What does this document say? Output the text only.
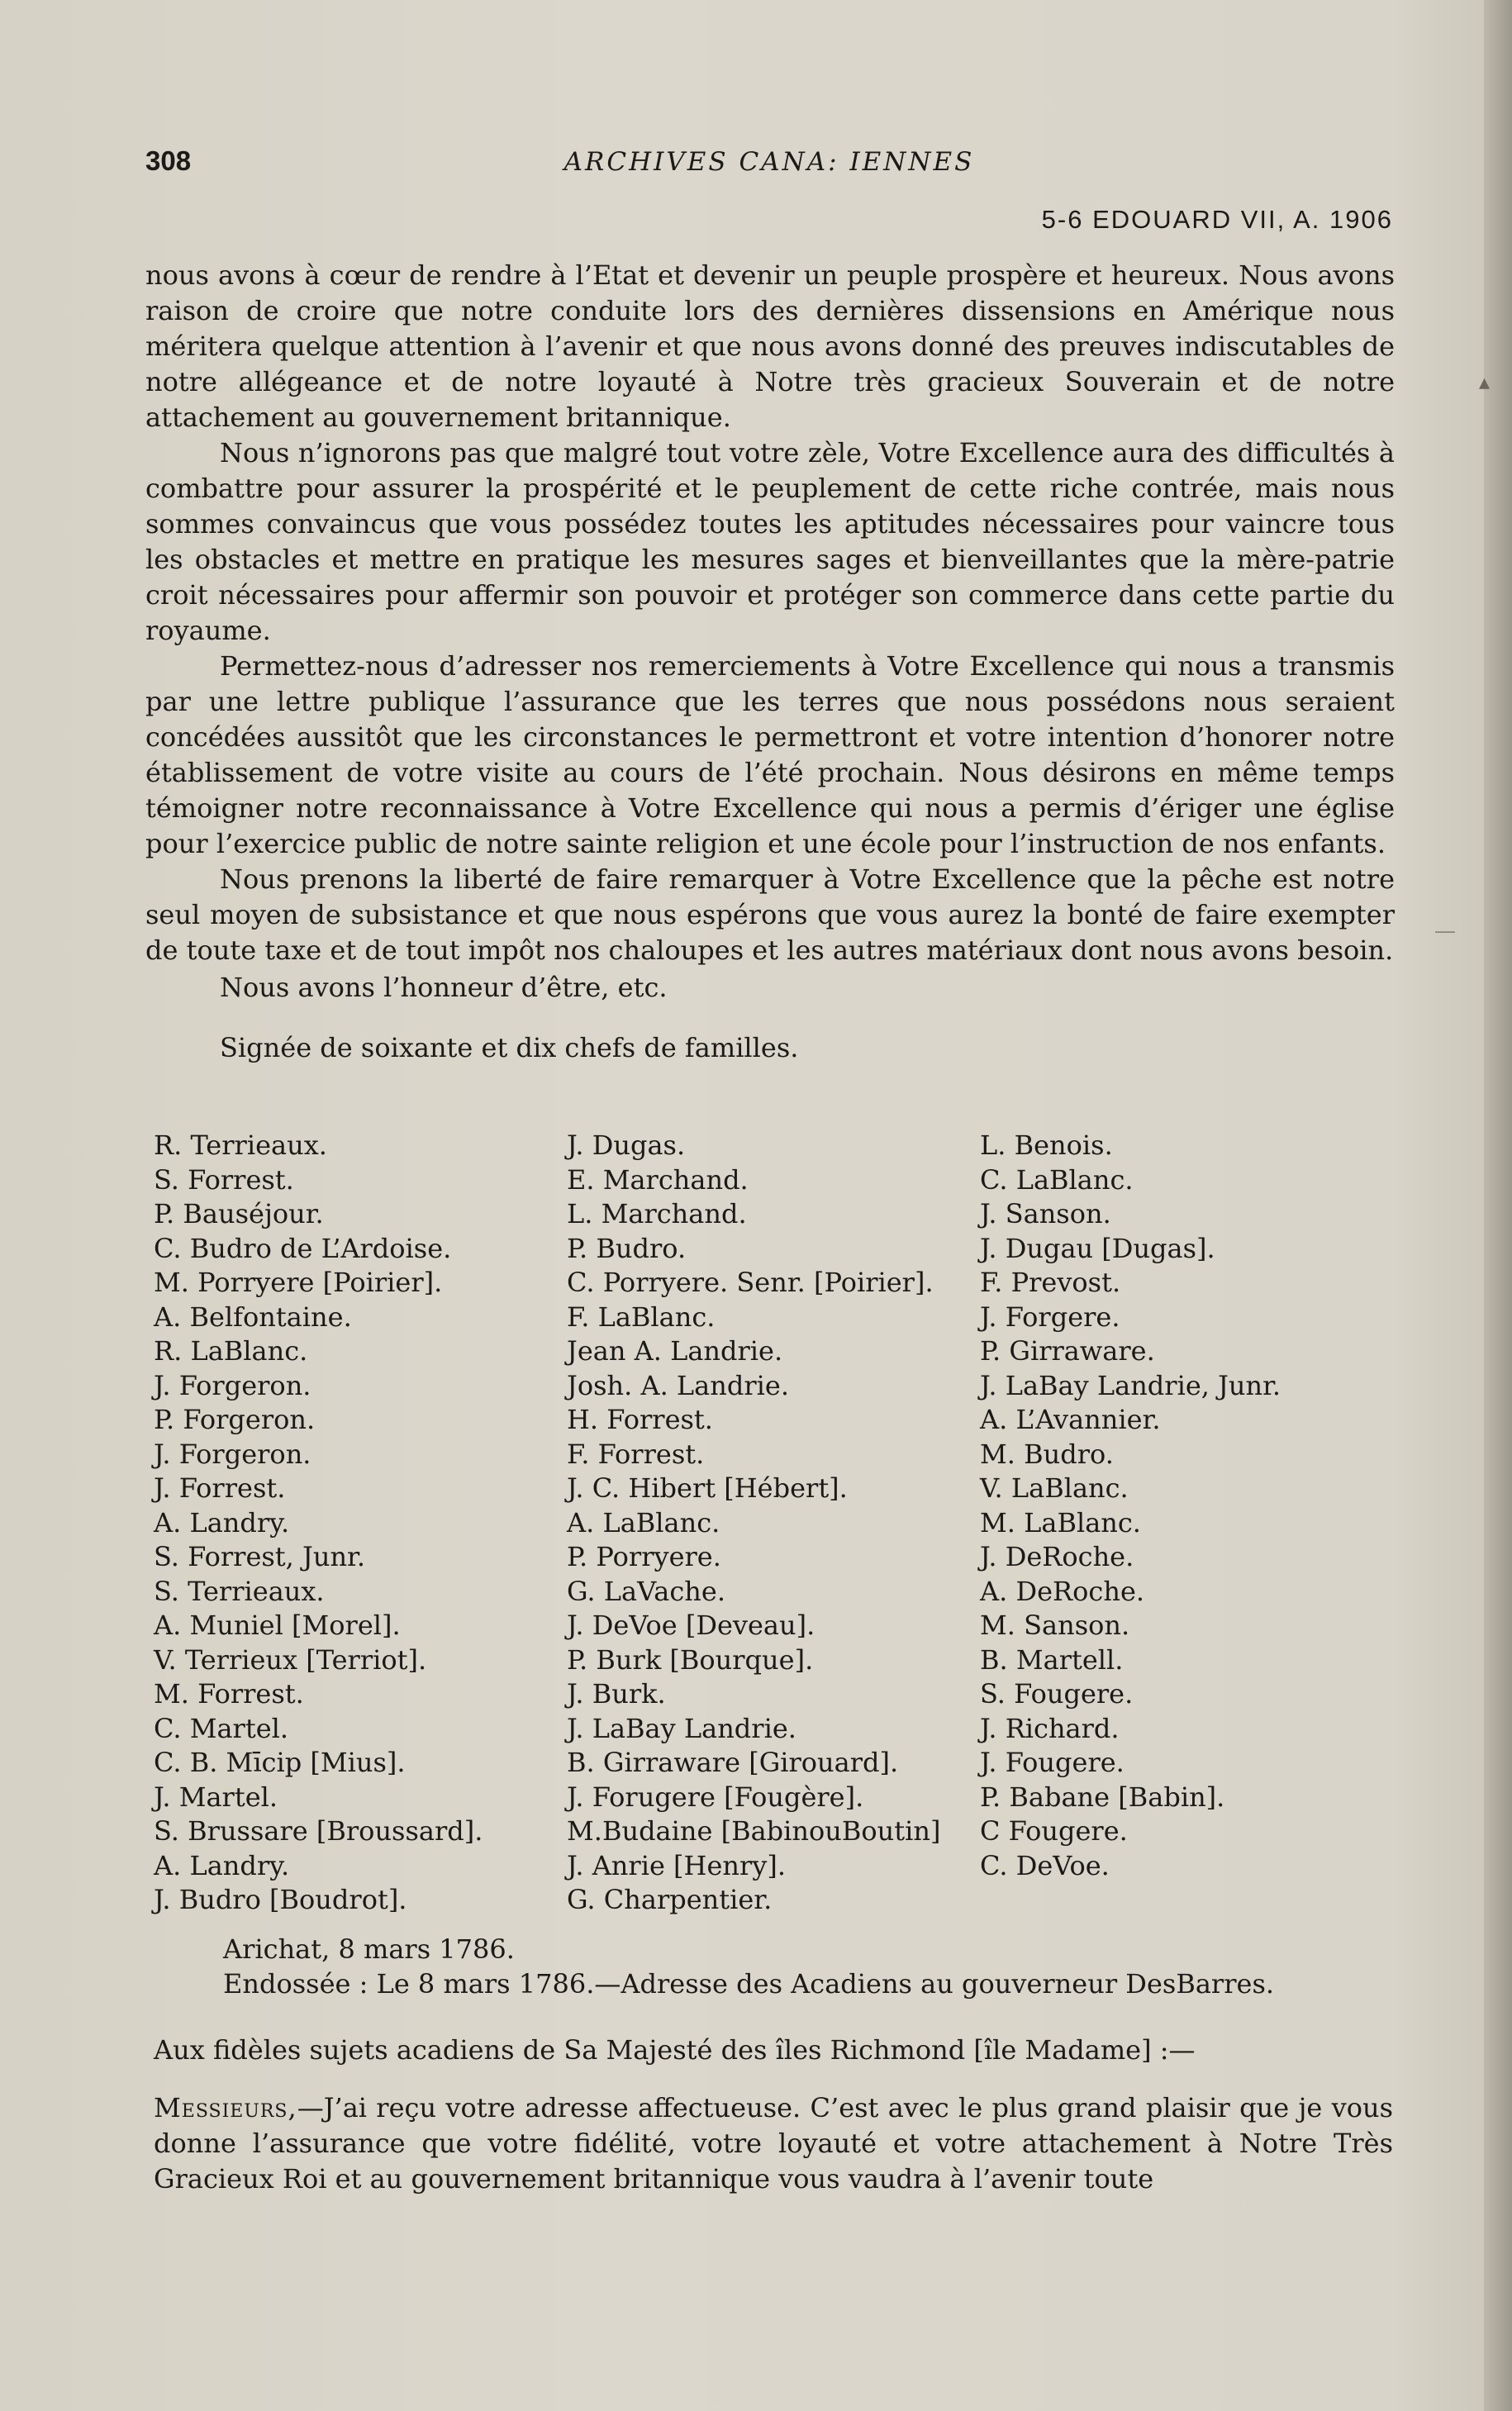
308	ARCHIVES CANA: IENNES
5-6 EDOUARD VII, A. 1906

nous avons à cœur de rendre à l’Etat et devenir un peuple prospère et heureux. Nous avons raison de croire que notre conduite lors des dernières dissensions en Amérique nous méritera quelque attention à l’avenir et que nous avons donné des preuves indiscutables de notre allégeance et de notre loyauté à Notre très gracieux Souverain et de notre attachement au gouvernement britannique.

Nous n’ignorons pas que malgré tout votre zèle, Votre Excellence aura des difficultés à combattre pour assurer la prospérité et le peuplement de cette riche contrée, mais nous sommes convaincus que vous possédez toutes les aptitudes nécessaires pour vaincre tous les obstacles et mettre en pratique les mesures sages et bienveillantes que la mère-patrie croit nécessaires pour affermir son pouvoir et protéger son commerce dans cette partie du royaume.

Permettez-nous d’adresser nos remerciements à Votre Excellence qui nous a transmis par une lettre publique l’assurance que les terres que nous possédons nous seraient concédées aussitôt que les circonstances le permettront et votre intention d’honorer notre établissement de votre visite au cours de l’été prochain. Nous désirons en même temps témoigner notre reconnaissance à Votre Excellence qui nous a permis d’ériger une église pour l’exercice public de notre sainte religion et une école pour l’instruction de nos enfants.

Nous prenons la liberté de faire remarquer à Votre Excellence que la pêche est notre seul moyen de subsistance et que nous espérons que vous aurez la bonté de faire exempter de toute taxe et de tout impôt nos chaloupes et les autres matériaux dont nous avons besoin.

Nous avons l’honneur d’être, etc.

Signée de soixante et dix chefs de familles.

R. Terrieaux.
S. Forrest.
P. Bauséjour.
C. Budro de L’Ardoise.
M. Porryere [Poirier].
A. Belfontaine.
R. LaBlanc.
J. Forgeron.
P. Forgeron.
J. Forgeron.
J. Forrest.
A. Landry.
S. Forrest, Junr.
S. Terrieaux.
A. Muniel [Morel].
V. Terrieux [Terriot].
M. Forrest.
C. Martel.
C. B. Mīcip [Mius].
J. Martel.
S. Brussare [Broussard].
A. Landry.
J. Budro [Boudrot].
J. Dugas.
E. Marchand.
L. Marchand.
P. Budro.
C. Porryere. Senr. [Poirier].
F. LaBlanc.
Jean A. Landrie.
Josh. A. Landrie.
H. Forrest.
F. Forrest.
J. C. Hibert [Hébert].
A. LaBlanc.
P. Porryere.
G. LaVache.
J. DeVoe [Deveau].
P. Burk [Bourque].
J. Burk.
J. LaBay Landrie.
B. Girraware [Girouard].
J. Forugere [Fougère].
M.Budaine [BabinouBoutin]
J. Anrie [Henry].
G. Charpentier.
L. Benois.
C. LaBlanc.
J. Sanson.
J. Dugau [Dugas].
F. Prevost.
J. Forgere.
P. Girraware.
J. LaBay Landrie, Junr.
A. L’Avannier.
M. Budro.
V. LaBlanc.
M. LaBlanc.
J. DeRoche.
A. DeRoche.
M. Sanson.
B. Martell.
S. Fougere.
J. Richard.
J. Fougere.
P. Babane [Babin].
C Fougere.
C. DeVoe.
Arichat, 8 mars 1786.
Endossée : Le 8 mars 1786.—Adresse des Acadiens au gouverneur DesBarres.
Aux fidèles sujets acadiens de Sa Majesté des îles Richmond [île Madame] :—
Messieurs,—J’ai reçu votre adresse affectueuse. C’est avec le plus grand plaisir que je vous donne l’assurance que votre fidélité, votre loyauté et votre attachement à Notre Très Gracieux Roi et au gouvernement britannique vous vaudra à l’avenir toute
▴
—
